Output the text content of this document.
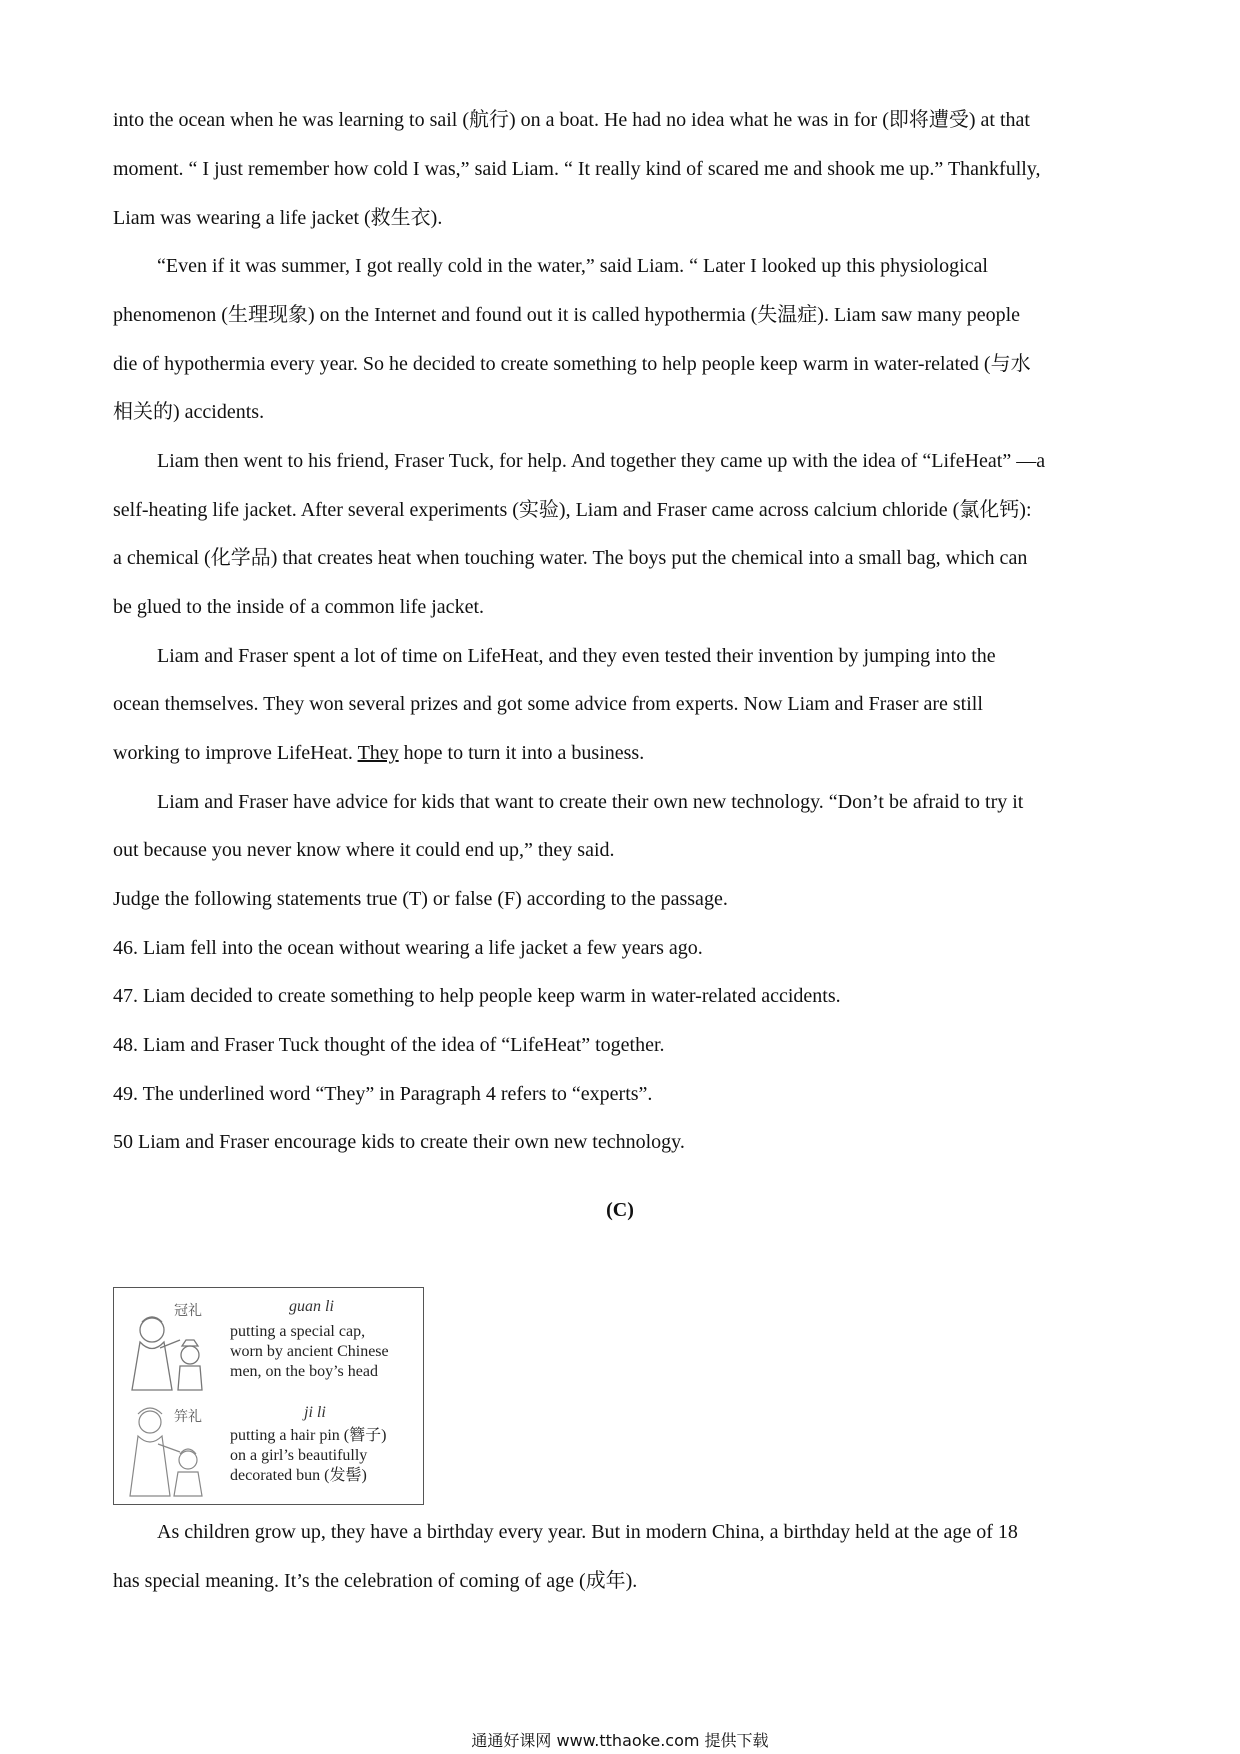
into the ocean when he was learning to sail (航行) on a boat. He had no idea what he was in for (即将遭受) at that
moment. “ I just remember how cold I was,” said Liam. “ It really kind of scared me and shook me up.” Thankfully,
Liam was wearing a life jacket (救生衣).
“Even if it was summer, I got really cold in the water,” said Liam. “ Later I looked up this physiological
phenomenon (生理现象) on the Internet and found out it is called hypothermia (失温症). Liam saw many people
die of hypothermia every year. So he decided to create something to help people keep warm in water-related (与水
相关的) accidents.
Liam then went to his friend, Fraser Tuck, for help. And together they came up with the idea of “LifeHeat” —a
self-heating life jacket. After several experiments (实验), Liam and Fraser came across calcium chloride (氯化钙):
a chemical (化学品) that creates heat when touching water. The boys put the chemical into a small bag, which can
be glued to the inside of a common life jacket.
Liam and Fraser spent a lot of time on LifeHeat, and they even tested their invention by jumping into the
ocean themselves. They won several prizes and got some advice from experts. Now Liam and Fraser are still
working to improve LifeHeat. They hope to turn it into a business.
Liam and Fraser have advice for kids that want to create their own new technology. “Don’t be afraid to try it
out because you never know where it could end up,” they said.
Judge the following statements true (T) or false (F) according to the passage.
46. Liam fell into the ocean without wearing a life jacket a few years ago.
47. Liam decided to create something to help people keep warm in water-related accidents.
48. Liam and Fraser Tuck thought of the idea of “LifeHeat” together.
49. The underlined word “They” in Paragraph 4 refers to “experts”.
50 Liam and Fraser encourage kids to create their own new technology.
(C)
冠礼	guan li
putting a special cap,
worn by ancient Chinese
men, on the boy’s head
笄礼	ji li
putting a hair pin (簪子)
on a girl’s beautifully
decorated bun (发髻)
As children grow up, they have a birthday every year. But in modern China, a birthday held at the age of 18
has special meaning. It’s the celebration of coming of age (成年).
通通好课网 www.tthaoke.com 提供下载
